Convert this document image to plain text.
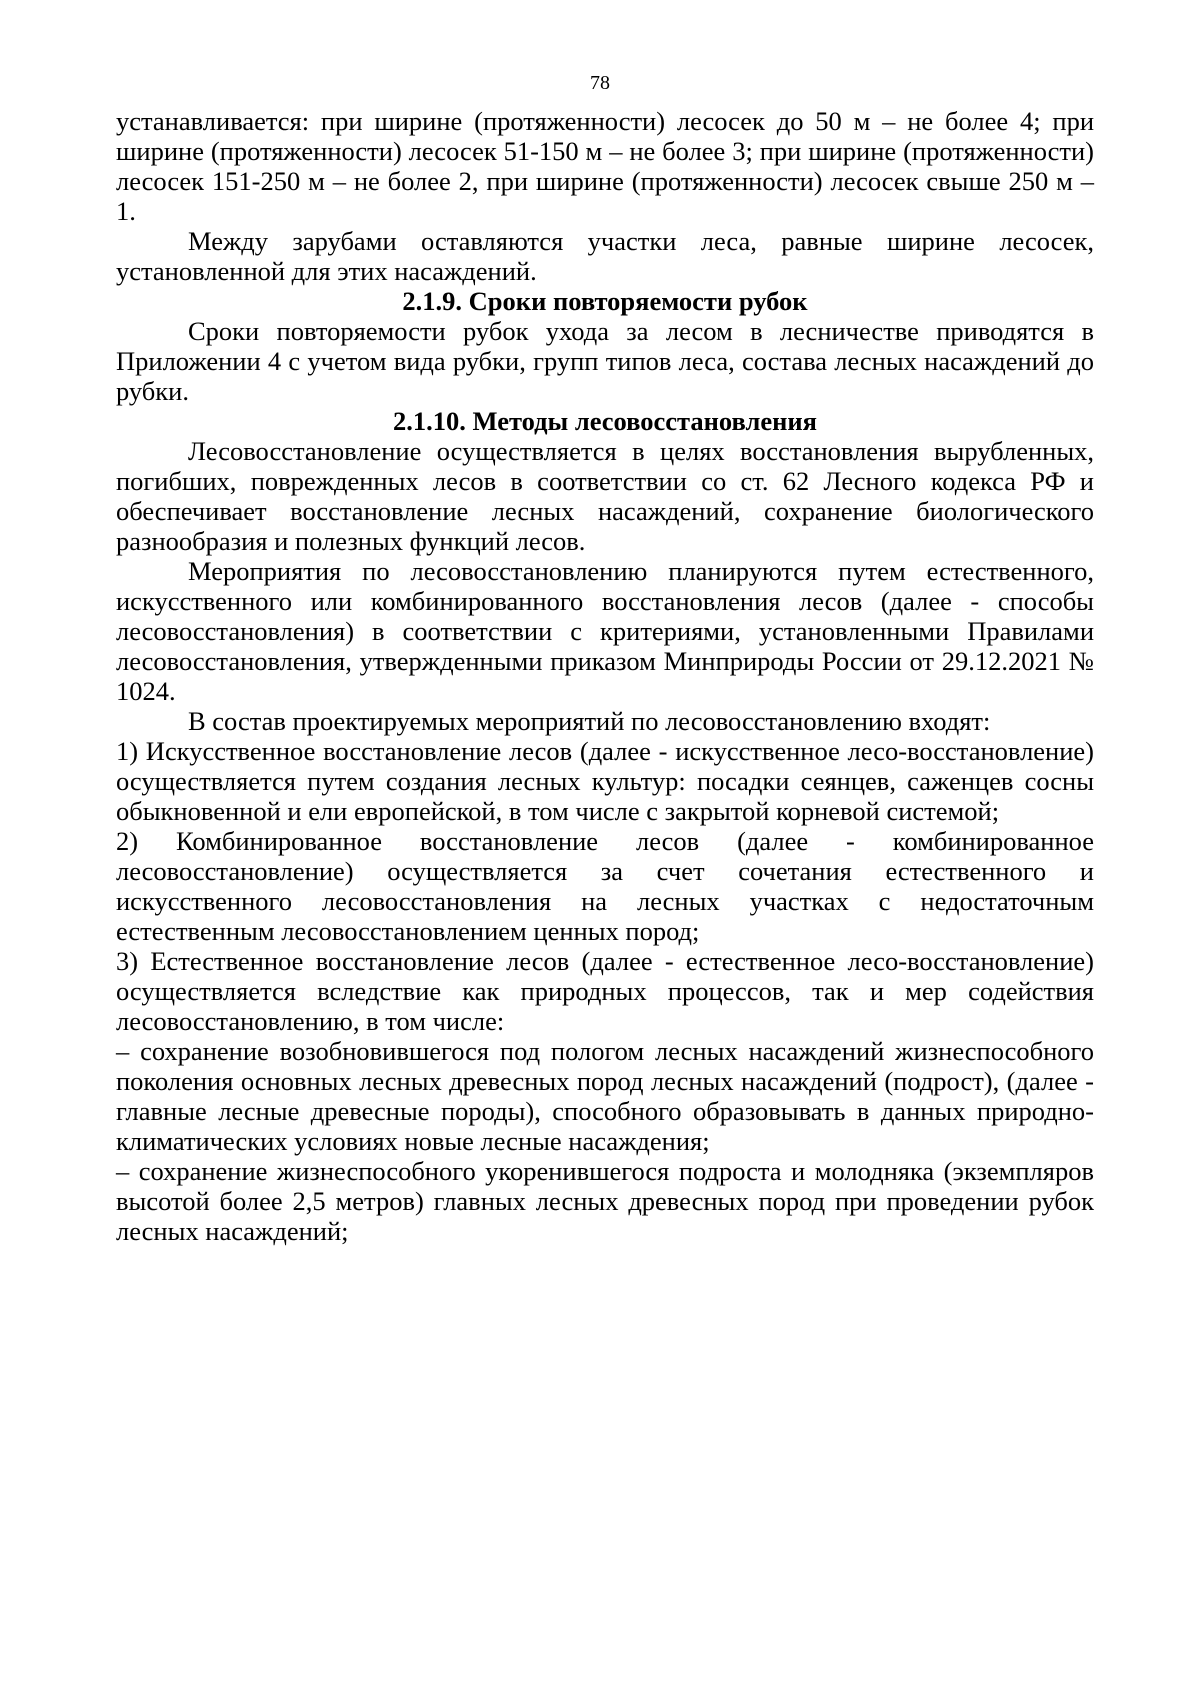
78

устанавливается: при ширине (протяженности) лесосек до 50 м – не более 4; при ширине (протяженности) лесосек 51-150 м – не более 3; при ширине (протяженности) лесосек 151-250 м – не более 2, при ширине (протяженности) лесосек свыше 250 м – 1.

Между зарубами оставляются участки леса, равные ширине лесосек, установленной для этих насаждений.

2.1.9. Сроки повторяемости рубок

Сроки повторяемости рубок ухода за лесом в лесничестве приводятся в Приложении 4 с учетом вида рубки, групп типов леса, состава лесных насаждений до рубки.

2.1.10. Методы лесовосстановления

Лесовосстановление осуществляется в целях восстановления вырубленных, погибших, поврежденных лесов в соответствии со ст. 62 Лесного кодекса РФ и обеспечивает восстановление лесных насаждений, сохранение биологического разнообразия и полезных функций лесов.

Мероприятия по лесовосстановлению планируются путем естественного, искусственного или комбинированного восстановления лесов (далее - способы лесовосстановления) в соответствии с критериями, установленными Правилами лесовосстановления, утвержденными приказом Минприроды России от 29.12.2021 № 1024.

В состав проектируемых мероприятий по лесовосстановлению входят:

1) Искусственное восстановление лесов (далее - искусственное лесо-восстановление) осуществляется путем создания лесных культур: посадки сеянцев, саженцев сосны обыкновенной и ели европейской, в том числе с закрытой корневой системой;

2) Комбинированное восстановление лесов (далее - комбинированное лесовосстановление) осуществляется за счет сочетания естественного и искусственного лесовосстановления на лесных участках с недостаточным естественным лесовосстановлением ценных пород;

3) Естественное восстановление лесов (далее - естественное лесо-восстановление) осуществляется вследствие как природных процессов, так и мер содействия лесовосстановлению, в том числе:

– сохранение возобновившегося под пологом лесных насаждений жизнеспособного поколения основных лесных древесных пород лесных насаждений (подрост), (далее - главные лесные древесные породы), способного образовывать в данных природно-климатических условиях новые лесные насаждения;

– сохранение жизнеспособного укоренившегося подроста и молодняка (экземпляров высотой более 2,5 метров) главных лесных древесных пород при проведении рубок лесных насаждений;
